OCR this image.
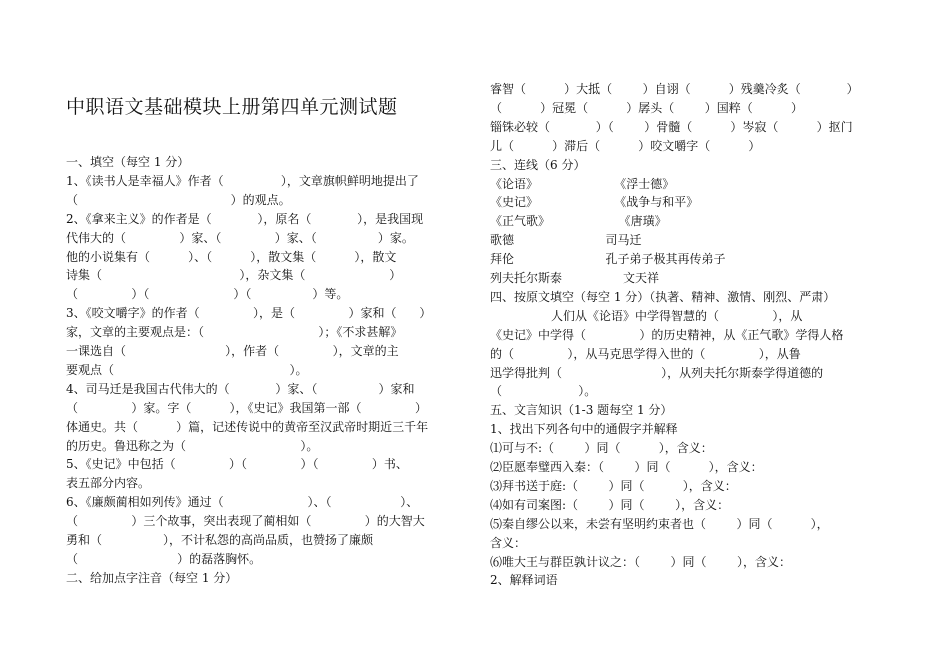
中职语文基础模块上册第四单元测试题
一、填空（每空 1 分）
1、《读书人是幸福人》作者（               ），文章旗帜鲜明地提出了
（                                        ）的观点。
2、《拿来主义》的作者是（            ），原名（            ），是我国现
代伟大的（              ）家、（              ）家、（                ）家。
他的小说集有（          ）、（          ），散文集（          ），散文
诗集（                                    ），杂文集（                      ）
（              ）（                      ）（                ）等。
3、《咬文嚼字》的作者（              ），是（              ）家和（      ）
家，文章的主要观点是：（                              ）；《不求甚解》
一课选自（                          ），作者（              ），文章的主
要观点（                                              ）。
4、司马迁是我国古代伟大的（            ）家、（                ）家和
（              ）家。字（          ），《史记》我国第一部（              ）
体通史。共（          ）篇，记述传说中的黄帝至汉武帝时期近三千年
的历史。鲁迅称之为（                              ）。
5、《史记》中包括（              ）（              ）（              ）书、
表五部分内容。
6、《廉颇蔺相如列传》通过（                      ）、（                  ）、
（              ）三个故事，突出表现了蔺相如（              ）的大智大
勇和（                ），不计私怨的高尚品质，也赞扬了廉颇
（                          ）的磊落胸怀。
二、给加点字注音（每空 1 分）
睿智（          ）大抵（        ）自诩（          ）残羹冷炙（            ）
（          ）冠冕（          ）孱头（        ）国粹（          ）
锱铢必较（            ）（        ）骨髓（          ）岑寂（          ）抠门
儿（          ）滞后（          ）咬文嚼字（          ）
三、连线（6 分）
《论语》                    《浮士德》
《史记》                    《战争与和平》
《正气歌》                  《唐璜》
歌德                        司马迁
拜伦                        孔子弟子极其再传弟子
列夫托尔斯泰                文天祥
四、按原文填空（每空 1 分）（执著、精神、激情、刚烈、严肃）
人们从《论语》中学得智慧的（              ），从
《史记》中学得（              ）的历史精神，从《正气歌》学得人格
的（              ），从马克思学得入世的（              ），从鲁
迅学得批判（                          ），从列夫托尔斯泰学得道德的
（                    ）。
五、文言知识（1-3 题每空 1 分）
1、找出下列各句中的通假字并解释
⑴可与不:（        ）同（          ），含义：
⑵臣愿奉璧西入秦：（        ）同（          ），含义：
⑶拜书送于庭:（        ）同（          ），含义：
⑷如有司案图:（        ）同（        ），含义：
⑸秦自缪公以来，未尝有坚明约束者也（        ）同（          ），
含义：
⑹唯大王与群臣孰计议之：（        ）同（        ），含义：
2、解释词语
